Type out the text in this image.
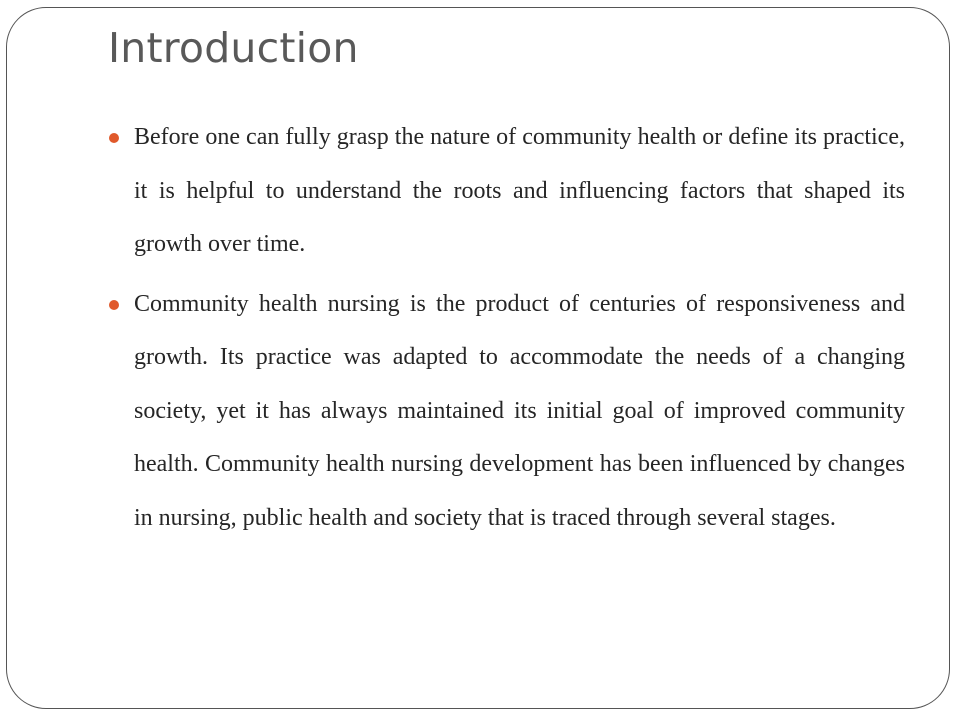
Introduction
Before one can fully grasp the nature of community health or define its practice, it is helpful to understand the roots and influencing factors that shaped its growth over time.
Community health nursing is the product of centuries of responsiveness and growth. Its practice was adapted to accommodate the needs of a changing society, yet it has always maintained its initial goal of improved community health. Community health nursing development has been influenced by changes in nursing, public health and society that is traced through several stages.
